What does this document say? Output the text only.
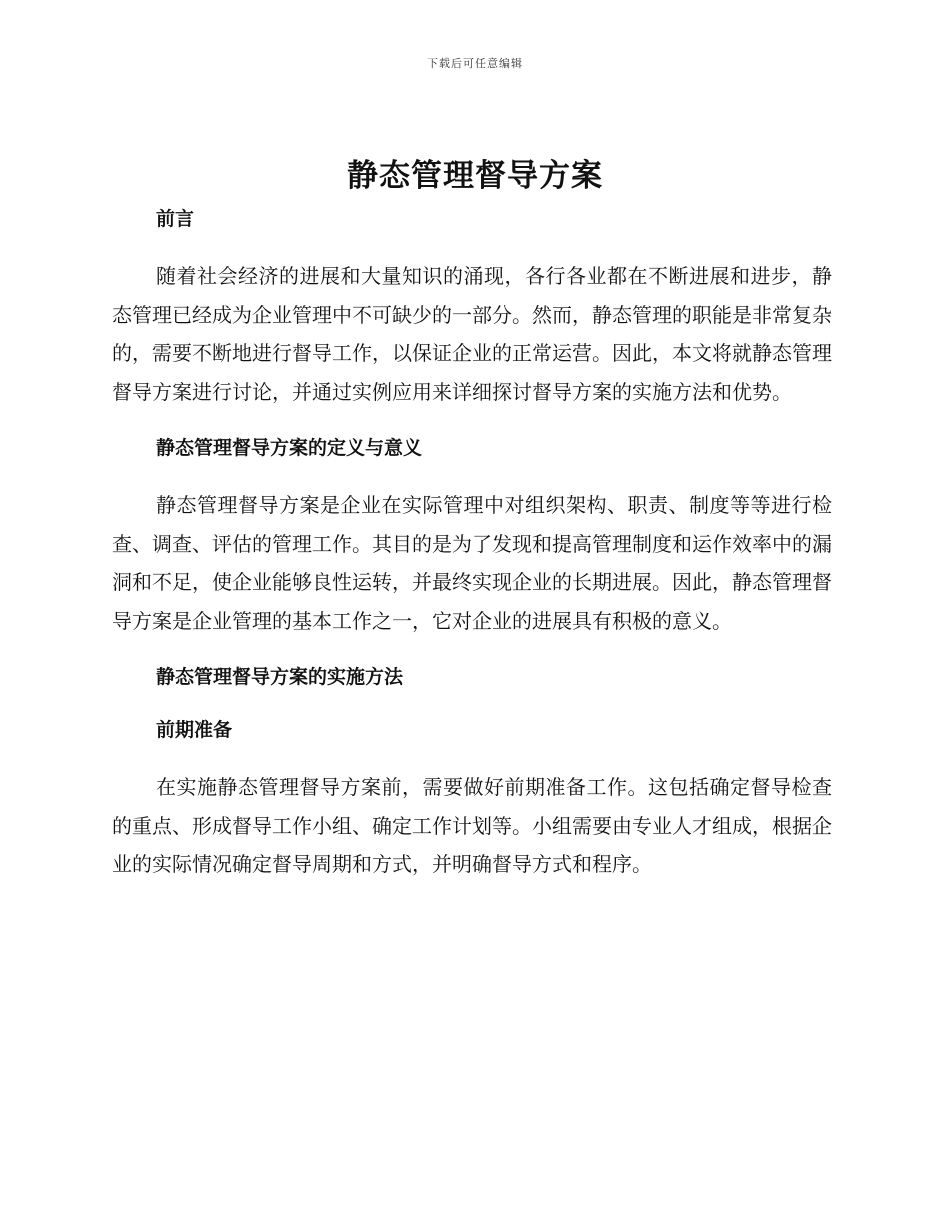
下载后可任意编辑
静态管理督导方案
前言

随着社会经济的进展和大量知识的涌现，各行各业都在不断进展和进步，静态管理已经成为企业管理中不可缺少的一部分。然而，静态管理的职能是非常复杂的，需要不断地进行督导工作，以保证企业的正常运营。因此，本文将就静态管理督导方案进行讨论，并通过实例应用来详细探讨督导方案的实施方法和优势。

静态管理督导方案的定义与意义

静态管理督导方案是企业在实际管理中对组织架构、职责、制度等等进行检查、调查、评估的管理工作。其目的是为了发现和提高管理制度和运作效率中的漏洞和不足，使企业能够良性运转，并最终实现企业的长期进展。因此，静态管理督导方案是企业管理的基本工作之一，它对企业的进展具有积极的意义。

静态管理督导方案的实施方法
前期准备

在实施静态管理督导方案前，需要做好前期准备工作。这包括确定督导检查的重点、形成督导工作小组、确定工作计划等。小组需要由专业人才组成，根据企业的实际情况确定督导周期和方式，并明确督导方式和程序。
